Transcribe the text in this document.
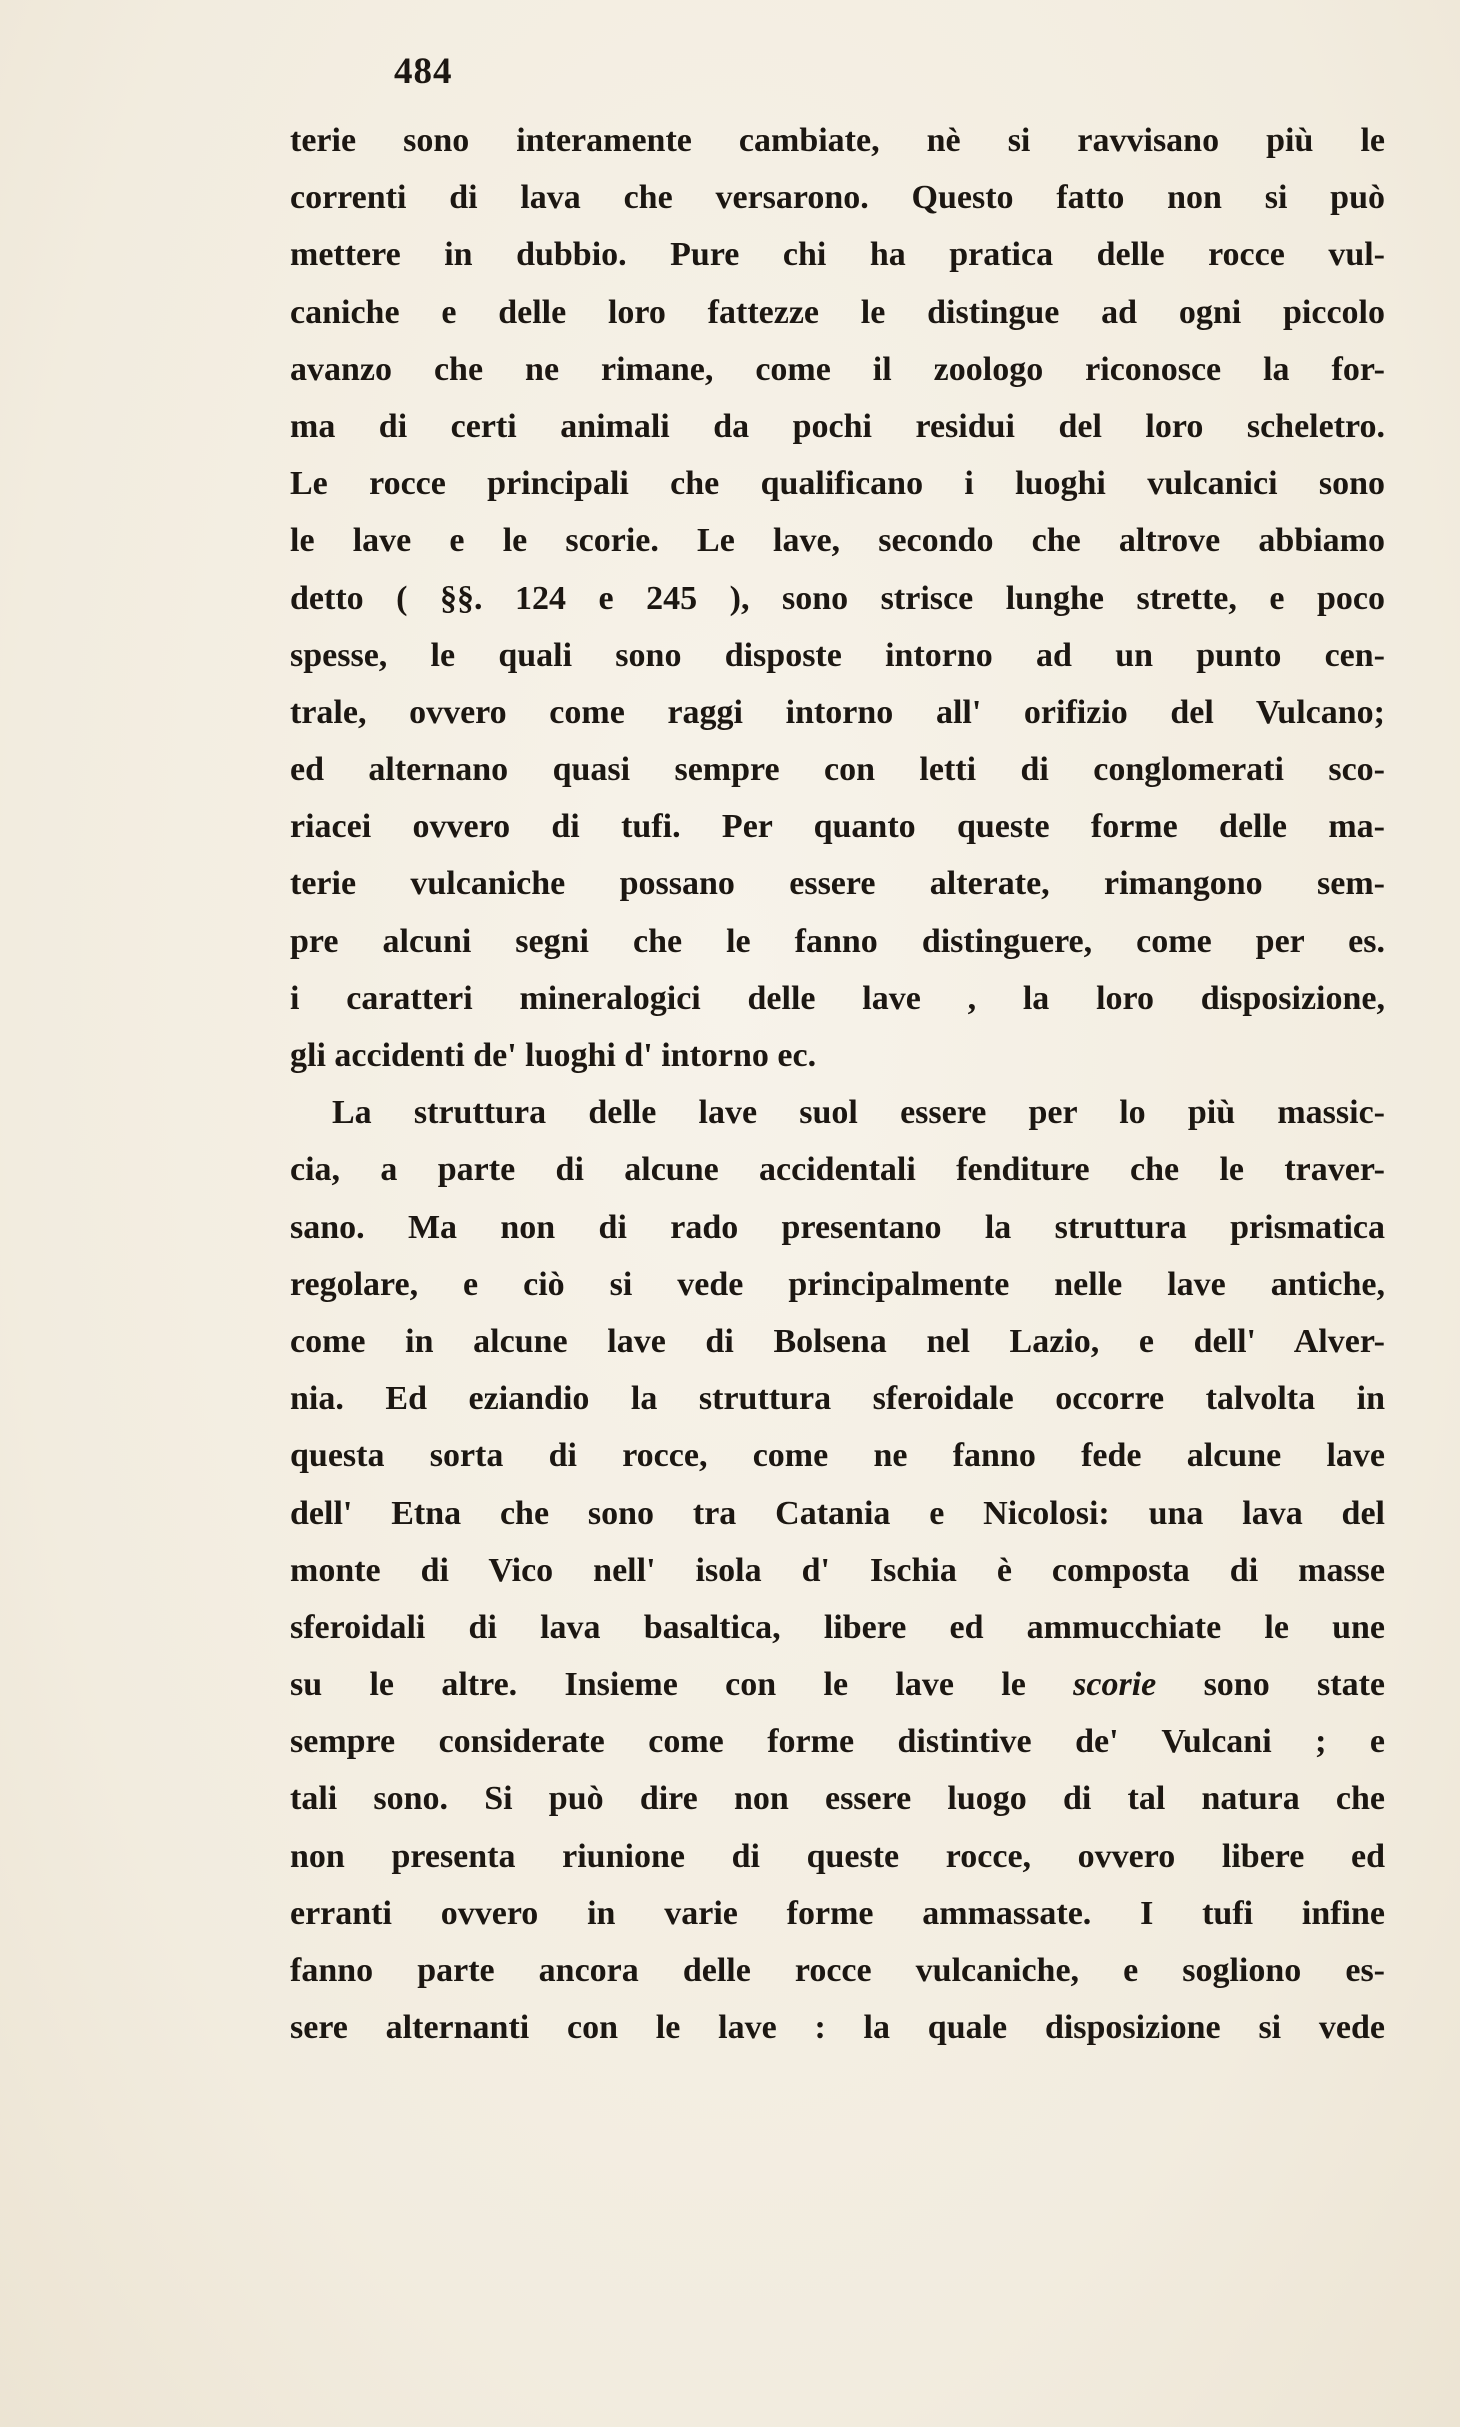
484
terie sono interamente cambiate, nè si ravvisano più le
correnti di lava che versarono. Questo fatto non si può
mettere in dubbio. Pure chi ha pratica delle rocce vul-
caniche e delle loro fattezze le distingue ad ogni piccolo
avanzo che ne rimane, come il zoologo riconosce la for-
ma di certi animali da pochi residui del loro scheletro.
Le rocce principali che qualificano i luoghi vulcanici sono
le lave e le scorie. Le lave, secondo che altrove abbiamo
detto ( §§. 124 e 245 ), sono strisce lunghe strette, e poco
spesse, le quali sono disposte intorno ad un punto cen-
trale, ovvero come raggi intorno all' orifizio del Vulcano;
ed alternano quasi sempre con letti di conglomerati sco-
riacei ovvero di tufi. Per quanto queste forme delle ma-
terie vulcaniche possano essere alterate, rimangono sem-
pre alcuni segni che le fanno distinguere, come per es.
i caratteri mineralogici delle lave , la loro disposizione,
gli accidenti de' luoghi d' intorno ec.
La struttura delle lave suol essere per lo più massic-
cia, a parte di alcune accidentali fenditure che le traver-
sano. Ma non di rado presentano la struttura prismatica
regolare, e ciò si vede principalmente nelle lave antiche,
come in alcune lave di Bolsena nel Lazio, e dell' Alver-
nia. Ed eziandio la struttura sferoidale occorre talvolta in
questa sorta di rocce, come ne fanno fede alcune lave
dell' Etna che sono tra Catania e Nicolosi: una lava del
monte di Vico nell' isola d' Ischia è composta di masse
sferoidali di lava basaltica, libere ed ammucchiate le une
su le altre. Insieme con le lave le scorie sono state
sempre considerate come forme distintive de' Vulcani ; e
tali sono. Si può dire non essere luogo di tal natura che
non presenta riunione di queste rocce, ovvero libere ed
erranti ovvero in varie forme ammassate. I tufi infine
fanno parte ancora delle rocce vulcaniche, e sogliono es-
sere alternanti con le lave : la quale disposizione si vede
